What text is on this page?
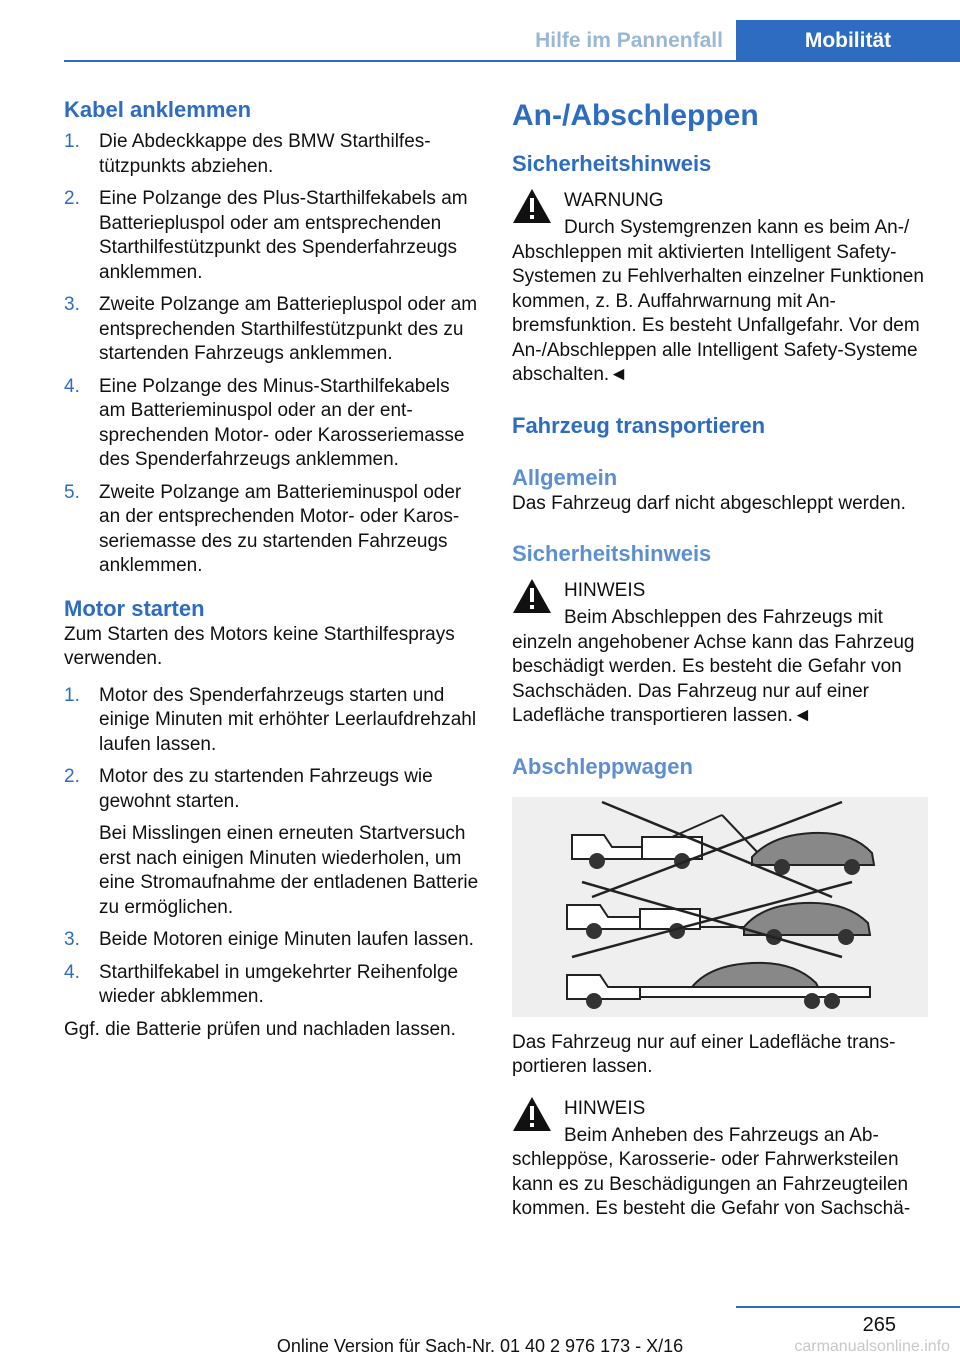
Hilfe im Pannenfall	Mobilität
Kabel anklemmen
1. Die Abdeckkappe des BMW Starthilfestützpunkts abziehen.
2. Eine Polzange des Plus-Starthilfekabels am Batteriepluspol oder am entsprechenden Starthilfestützpunkt des Spenderfahrzeugs anklemmen.
3. Zweite Polzange am Batteriepluspol oder am entsprechenden Starthilfestützpunkt des zu startenden Fahrzeugs anklemmen.
4. Eine Polzange des Minus-Starthilfekabels am Batterieminuspol oder an der entsprechenden Motor- oder Karosseriemasse des Spenderfahrzeugs anklemmen.
5. Zweite Polzange am Batterieminuspol oder an der entsprechenden Motor- oder Karosseriemasse des zu startenden Fahrzeugs anklemmen.
Motor starten

Zum Starten des Motors keine Starthilfesprays verwenden.

1. Motor des Spenderfahrzeugs starten und einige Minuten mit erhöhter Leerlaufdrehzahl laufen lassen.
2. Motor des zu startenden Fahrzeugs wie gewohnt starten.
Bei Misslingen einen erneuten Startversuch erst nach einigen Minuten wiederholen, um eine Stromaufnahme der entladenen Batterie zu ermöglichen.
3. Beide Motoren einige Minuten laufen lassen.
4. Starthilfekabel in umgekehrter Reihenfolge wieder abklemmen.

Ggf. die Batterie prüfen und nachladen lassen.

An-/Abschleppen
Sicherheitshinweis
WARNUNG
Durch Systemgrenzen kann es beim An-/ Abschleppen mit aktivierten Intelligent Safety-Systemen zu Fehlverhalten einzelner Funktionen kommen, z. B. Auffahrwarnung mit Anbremsfunktion. Es besteht Unfallgefahr. Vor dem An-/Abschleppen alle Intelligent Safety-Systeme abschalten.◄
Fahrzeug transportieren
Allgemein

Das Fahrzeug darf nicht abgeschleppt werden.

Sicherheitshinweis
HINWEIS
Beim Abschleppen des Fahrzeugs mit einzeln angehobener Achse kann das Fahrzeug beschädigt werden. Es besteht die Gefahr von Sachschäden. Das Fahrzeug nur auf einer Ladefläche transportieren lassen.◄
Abschleppwagen

Das Fahrzeug nur auf einer Ladefläche transportieren lassen.

HINWEIS
Beim Anheben des Fahrzeugs an Abschleppöse, Karosserie- oder Fahrwerksteilen kann es zu Beschädigungen an Fahrzeugteilen kommen. Es besteht die Gefahr von Sachschä-
265
Online Version für Sach-Nr. 01 40 2 976 173 - X/16	carmanualsonline.info
